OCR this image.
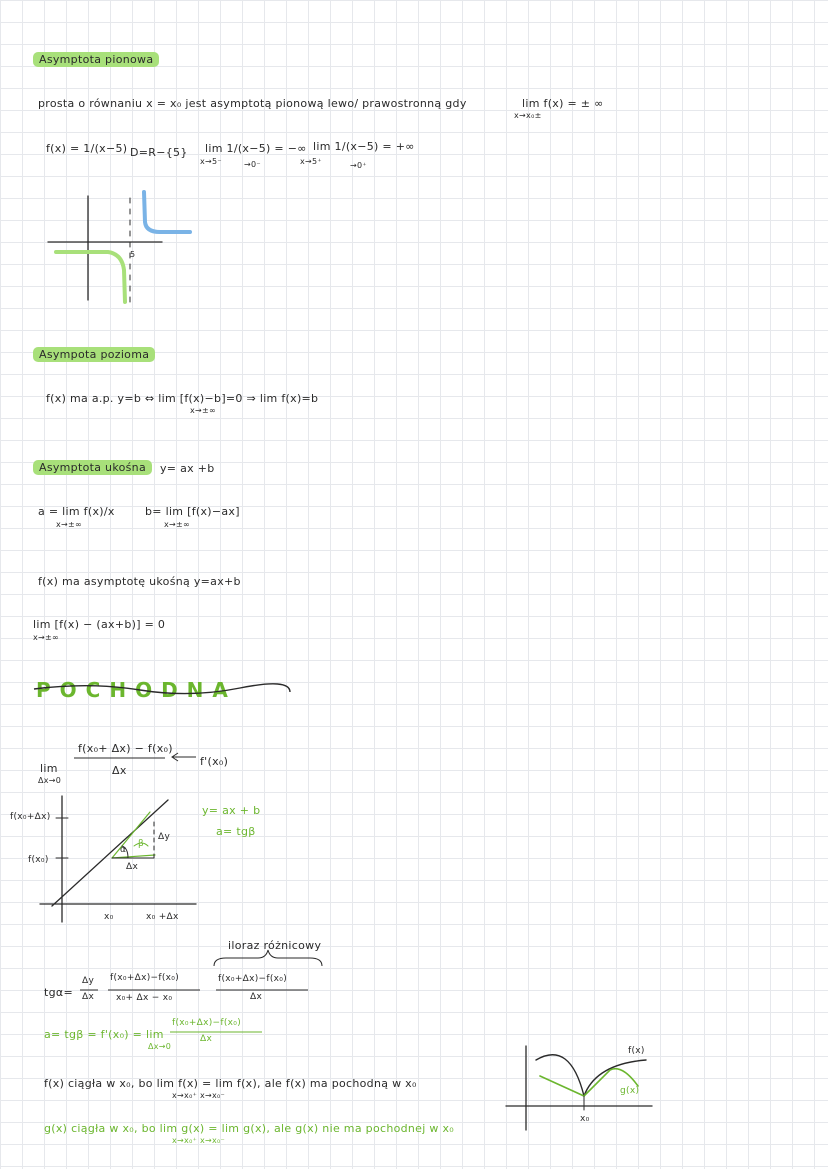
Asymptota pionowa
Asympota pozioma
Asymptota ukośna
POCHODNA
prosta o równaniu x = x₀ jest asymptotą pionową lewo/ prawostronną gdy	lim f(x) = ± ∞
x→x₀±
f(x) = 1/(x−5) D=R−{5} lim 1/(x−5) = −∞
x→5⁻	→0⁻
lim 1/(x−5) = +∞
x→5⁺	→0⁺
f(x) ma a.p. y=b ⇔ lim [f(x)−b]=0 ⇒ lim f(x)=b
x→±∞
y= ax +b
a = lim f(x)/x
x→±∞
b= lim [f(x)−ax]
x→±∞
f(x) ma asymptotę ukośną y=ax+b
lim [f(x) − (ax+b)] = 0
x→±∞
f(x₀+ Δx) − f(x₀)
Δx
lim
Δx→0
f'(x₀)
f(x₀+Δx)
f(x₀)
x₀	x₀ +Δx
Δy
Δx
α
β
y= ax + b
a= tgβ
iloraz różnicowy
tgα=
Δy
Δx
f(x₀+Δx)−f(x₀)
x₀+ Δx − x₀
f(x₀+Δx)−f(x₀)
Δx
a= tgβ = f'(x₀) = lim
f(x₀+Δx)−f(x₀)
Δx
Δx→0
f(x) ciągła w x₀, bo lim f(x) = lim f(x), ale f(x) ma pochodną w x₀
x→x₀⁺ x→x₀⁻
g(x) ciągła w x₀, bo lim g(x) = lim g(x), ale g(x) nie ma pochodnej w x₀
x→x₀⁺ x→x₀⁻
f(x)
g(x)
x₀
5
